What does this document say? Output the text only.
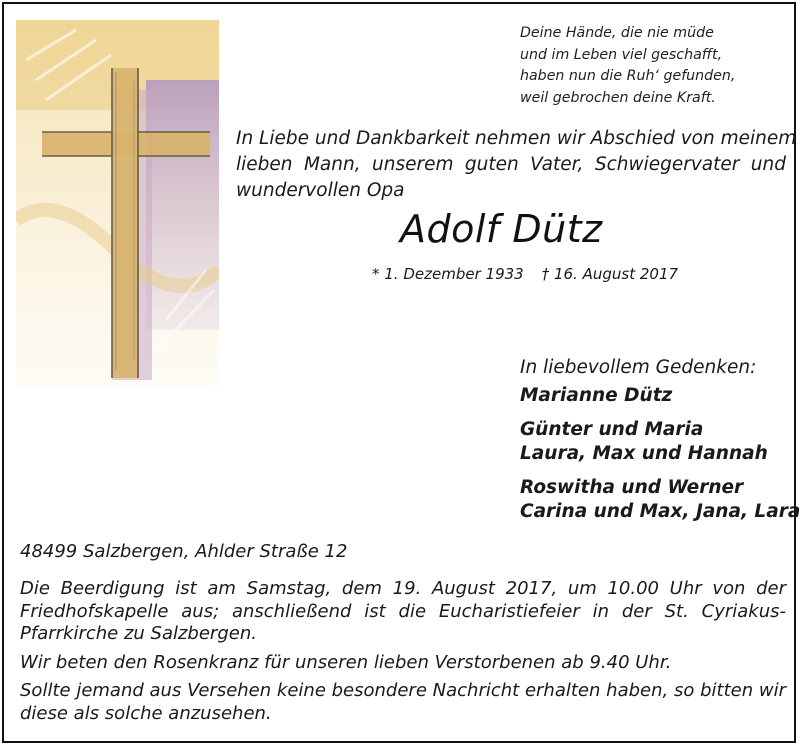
Deine Hände, die nie müde
und im Leben viel geschafft,
haben nun die Ruh‘ gefunden,
weil gebrochen deine Kraft.
In Liebe und Dankbarkeit nehmen wir Abschied von meinem
lieben Mann, unserem guten Vater, Schwiegervater und
wundervollen Opa
Adolf Dütz
* 1. Dezember 1933 † 16. August 2017
In liebevollem Gedenken:
Marianne Dütz
Günter und Maria
Laura, Max und Hannah
Roswitha und Werner
Carina und Max, Jana, Lara
48499 Salzbergen, Ahlder Straße 12

Die Beerdigung ist am Samstag, dem 19. August 2017, um 10.00 Uhr von der
Friedhofskapelle aus; anschließend ist die Eucharistiefeier in der St. Cyriakus-
Pfarrkirche zu Salzbergen.

Wir beten den Rosenkranz für unseren lieben Verstorbenen ab 9.40 Uhr.

Sollte jemand aus Versehen keine besondere Nachricht erhalten haben, so bitten wir
diese als solche anzusehen.
